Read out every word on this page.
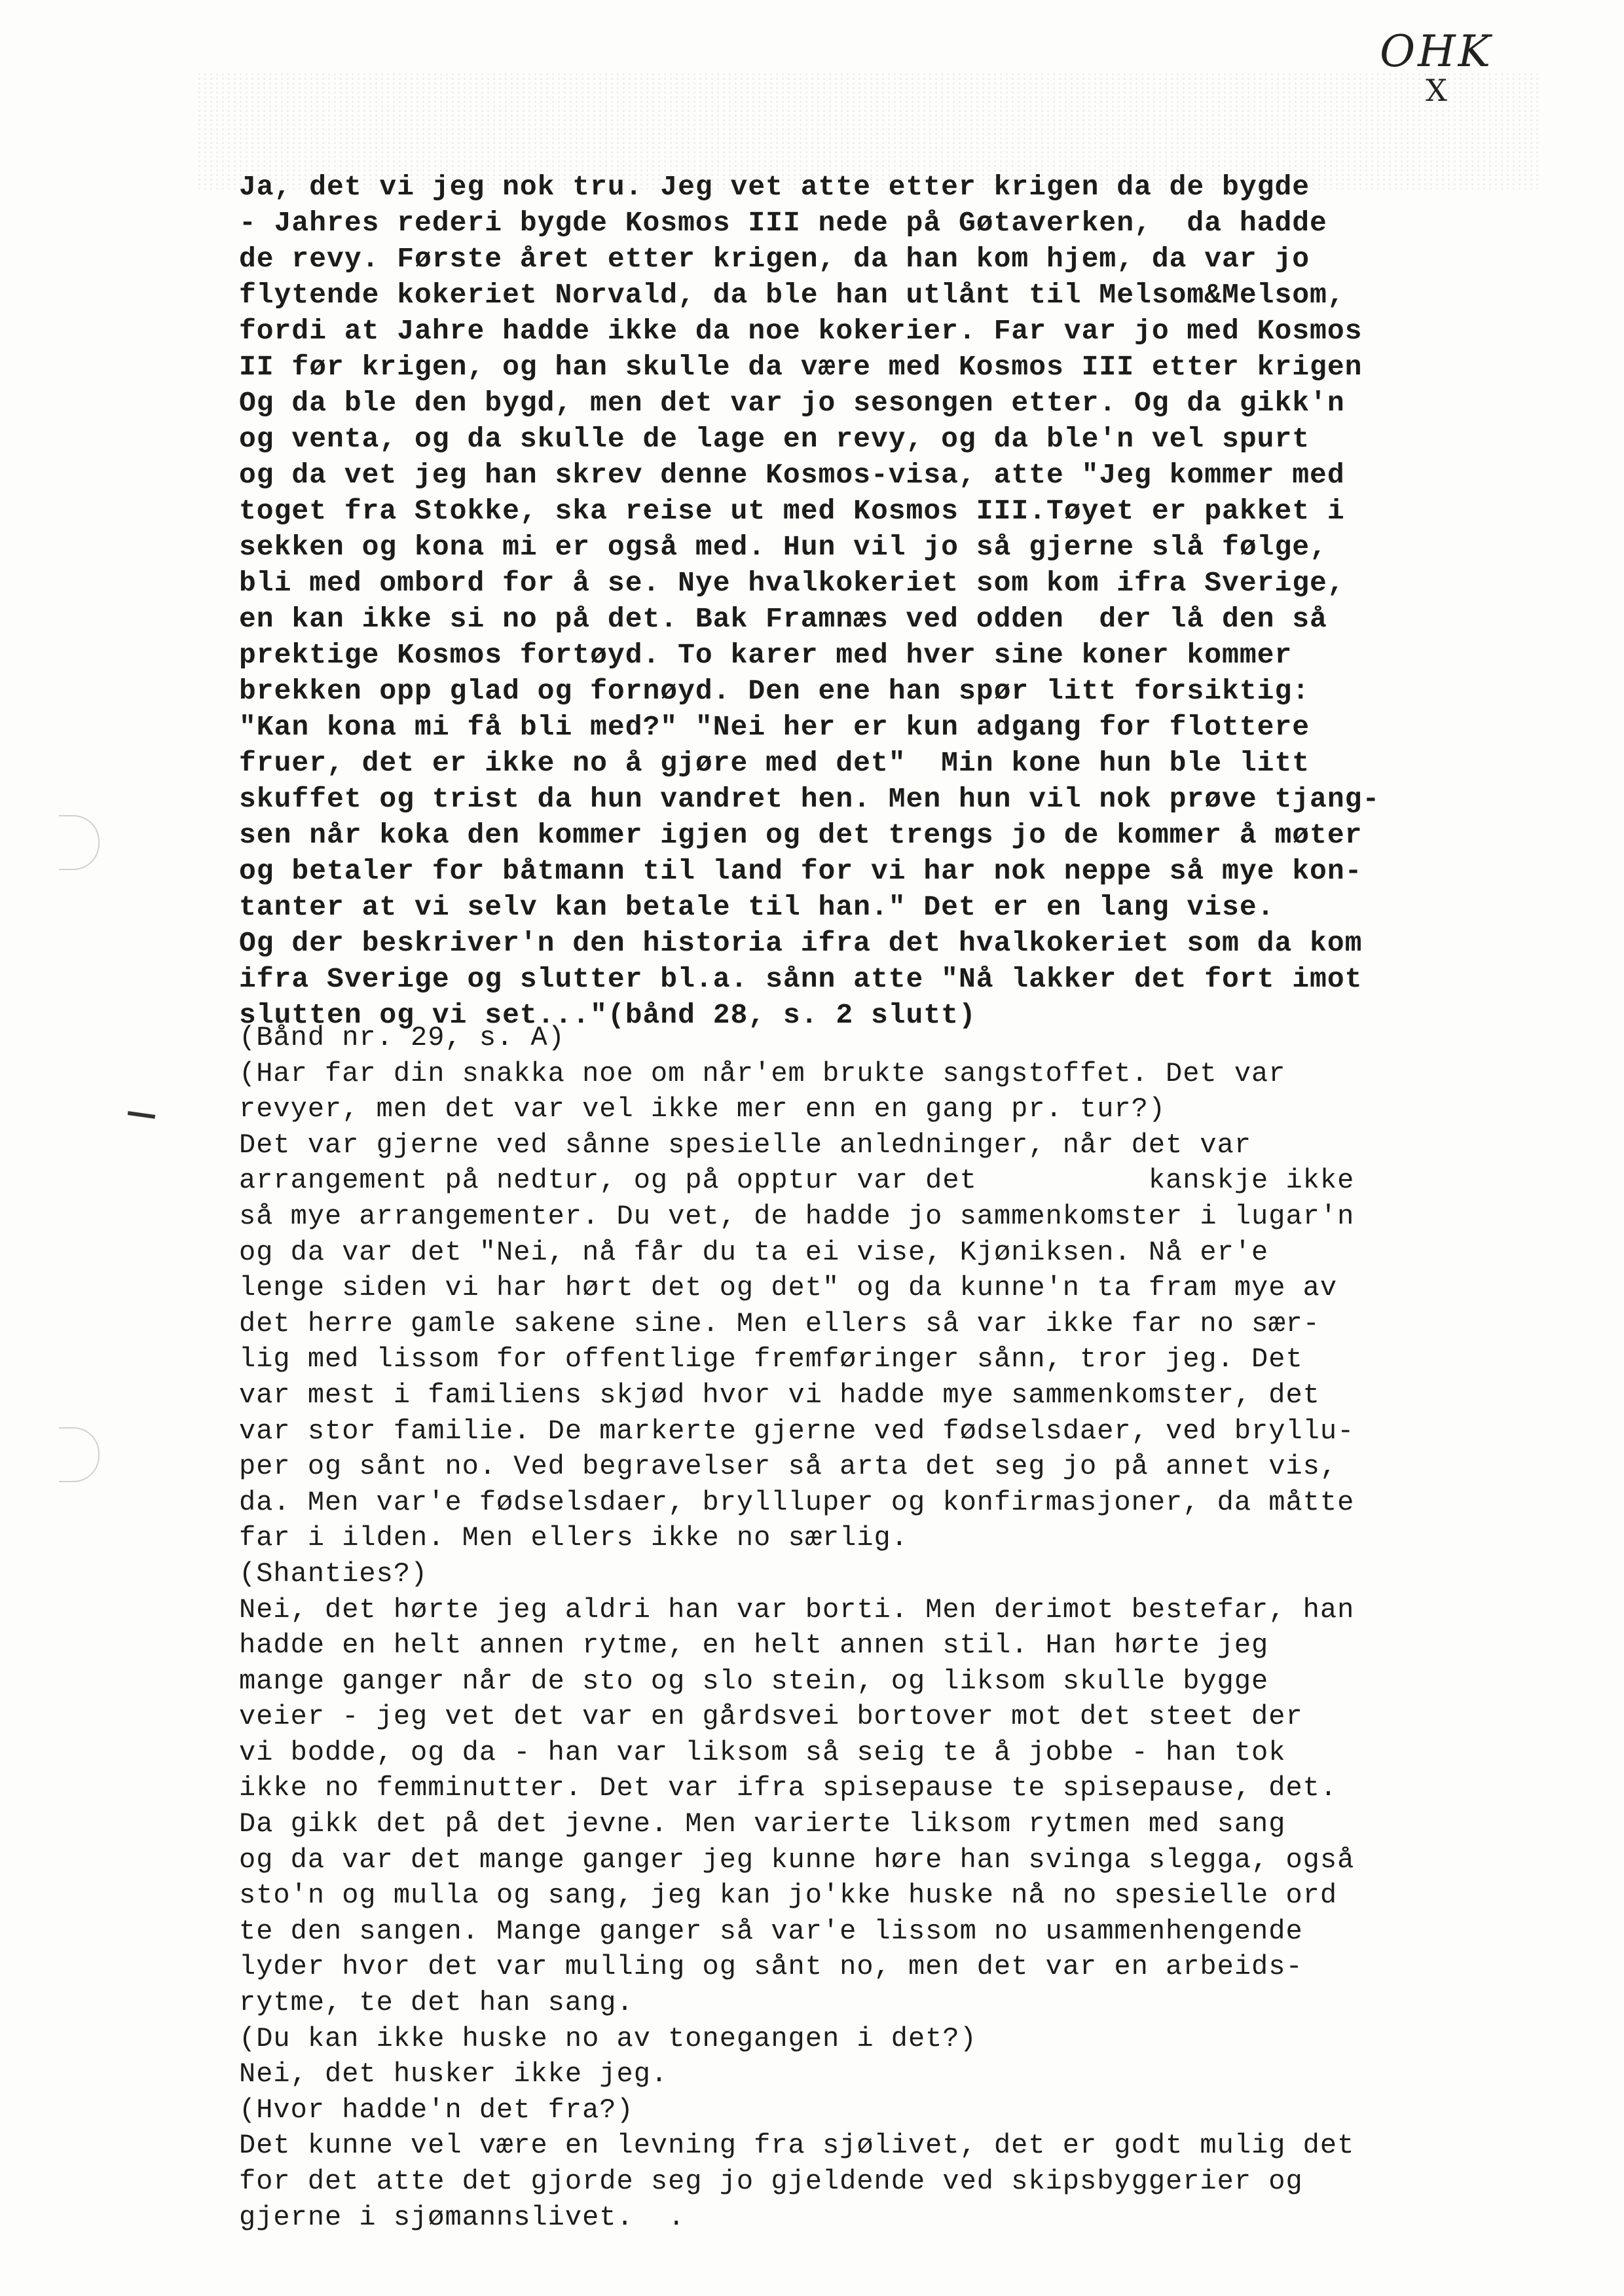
OHK
X
Ja, det vi jeg nok tru. Jeg vet atte etter krigen da de bygde
- Jahres rederi bygde Kosmos III nede på Gøtaverken,  da hadde
de revy. Første året etter krigen, da han kom hjem, da var jo
flytende kokeriet Norvald, da ble han utlånt til Melsom&Melsom,
fordi at Jahre hadde ikke da noe kokerier. Far var jo med Kosmos
II før krigen, og han skulle da være med Kosmos III etter krigen
Og da ble den bygd, men det var jo sesongen etter. Og da gikk'n
og venta, og da skulle de lage en revy, og da ble'n vel spurt
og da vet jeg han skrev denne Kosmos-visa, atte "Jeg kommer med
toget fra Stokke, ska reise ut med Kosmos III.Tøyet er pakket i
sekken og kona mi er også med. Hun vil jo så gjerne slå følge,
bli med ombord for å se. Nye hvalkokeriet som kom ifra Sverige,
en kan ikke si no på det. Bak Framnæs ved odden  der lå den så
prektige Kosmos fortøyd. To karer med hver sine koner kommer
brekken opp glad og fornøyd. Den ene han spør litt forsiktig:
"Kan kona mi få bli med?" "Nei her er kun adgang for flottere
fruer, det er ikke no å gjøre med det"  Min kone hun ble litt
skuffet og trist da hun vandret hen. Men hun vil nok prøve tjang-
sen når koka den kommer igjen og det trengs jo de kommer å møter
og betaler for båtmann til land for vi har nok neppe så mye kon-
tanter at vi selv kan betale til han." Det er en lang vise.
Og der beskriver'n den historia ifra det hvalkokeriet som da kom
ifra Sverige og slutter bl.a. sånn atte "Nå lakker det fort imot
slutten og vi set..."(bånd 28, s. 2 slutt)
(Bånd nr. 29, s. A)
(Har far din snakka noe om når'em brukte sangstoffet. Det var
revyer, men det var vel ikke mer enn en gang pr. tur?)
Det var gjerne ved sånne spesielle anledninger, når det var
arrangement på nedtur, og på opptur var det          kanskje ikke
så mye arrangementer. Du vet, de hadde jo sammenkomster i lugar'n
og da var det "Nei, nå får du ta ei vise, Kjøniksen. Nå er'e
lenge siden vi har hørt det og det" og da kunne'n ta fram mye av
det herre gamle sakene sine. Men ellers så var ikke far no sær-
lig med lissom for offentlige fremføringer sånn, tror jeg. Det
var mest i familiens skjød hvor vi hadde mye sammenkomster, det
var stor familie. De markerte gjerne ved fødselsdaer, ved bryllu-
per og sånt no. Ved begravelser så arta det seg jo på annet vis,
da. Men var'e fødselsdaer, bryllluper og konfirmasjoner, da måtte
far i ilden. Men ellers ikke no særlig.
(Shanties?)
Nei, det hørte jeg aldri han var borti. Men derimot bestefar, han
hadde en helt annen rytme, en helt annen stil. Han hørte jeg
mange ganger når de sto og slo stein, og liksom skulle bygge
veier - jeg vet det var en gårdsvei bortover mot det steet der
vi bodde, og da - han var liksom så seig te å jobbe - han tok
ikke no femminutter. Det var ifra spisepause te spisepause, det.
Da gikk det på det jevne. Men varierte liksom rytmen med sang
og da var det mange ganger jeg kunne høre han svinga slegga, også
sto'n og mulla og sang, jeg kan jo'kke huske nå no spesielle ord
te den sangen. Mange ganger så var'e lissom no usammenhengende
lyder hvor det var mulling og sånt no, men det var en arbeids-
rytme, te det han sang.
(Du kan ikke huske no av tonegangen i det?)
Nei, det husker ikke jeg.
(Hvor hadde'n det fra?)
Det kunne vel være en levning fra sjølivet, det er godt mulig det
for det atte det gjorde seg jo gjeldende ved skipsbyggerier og
gjerne i sjømannslivet.  .
